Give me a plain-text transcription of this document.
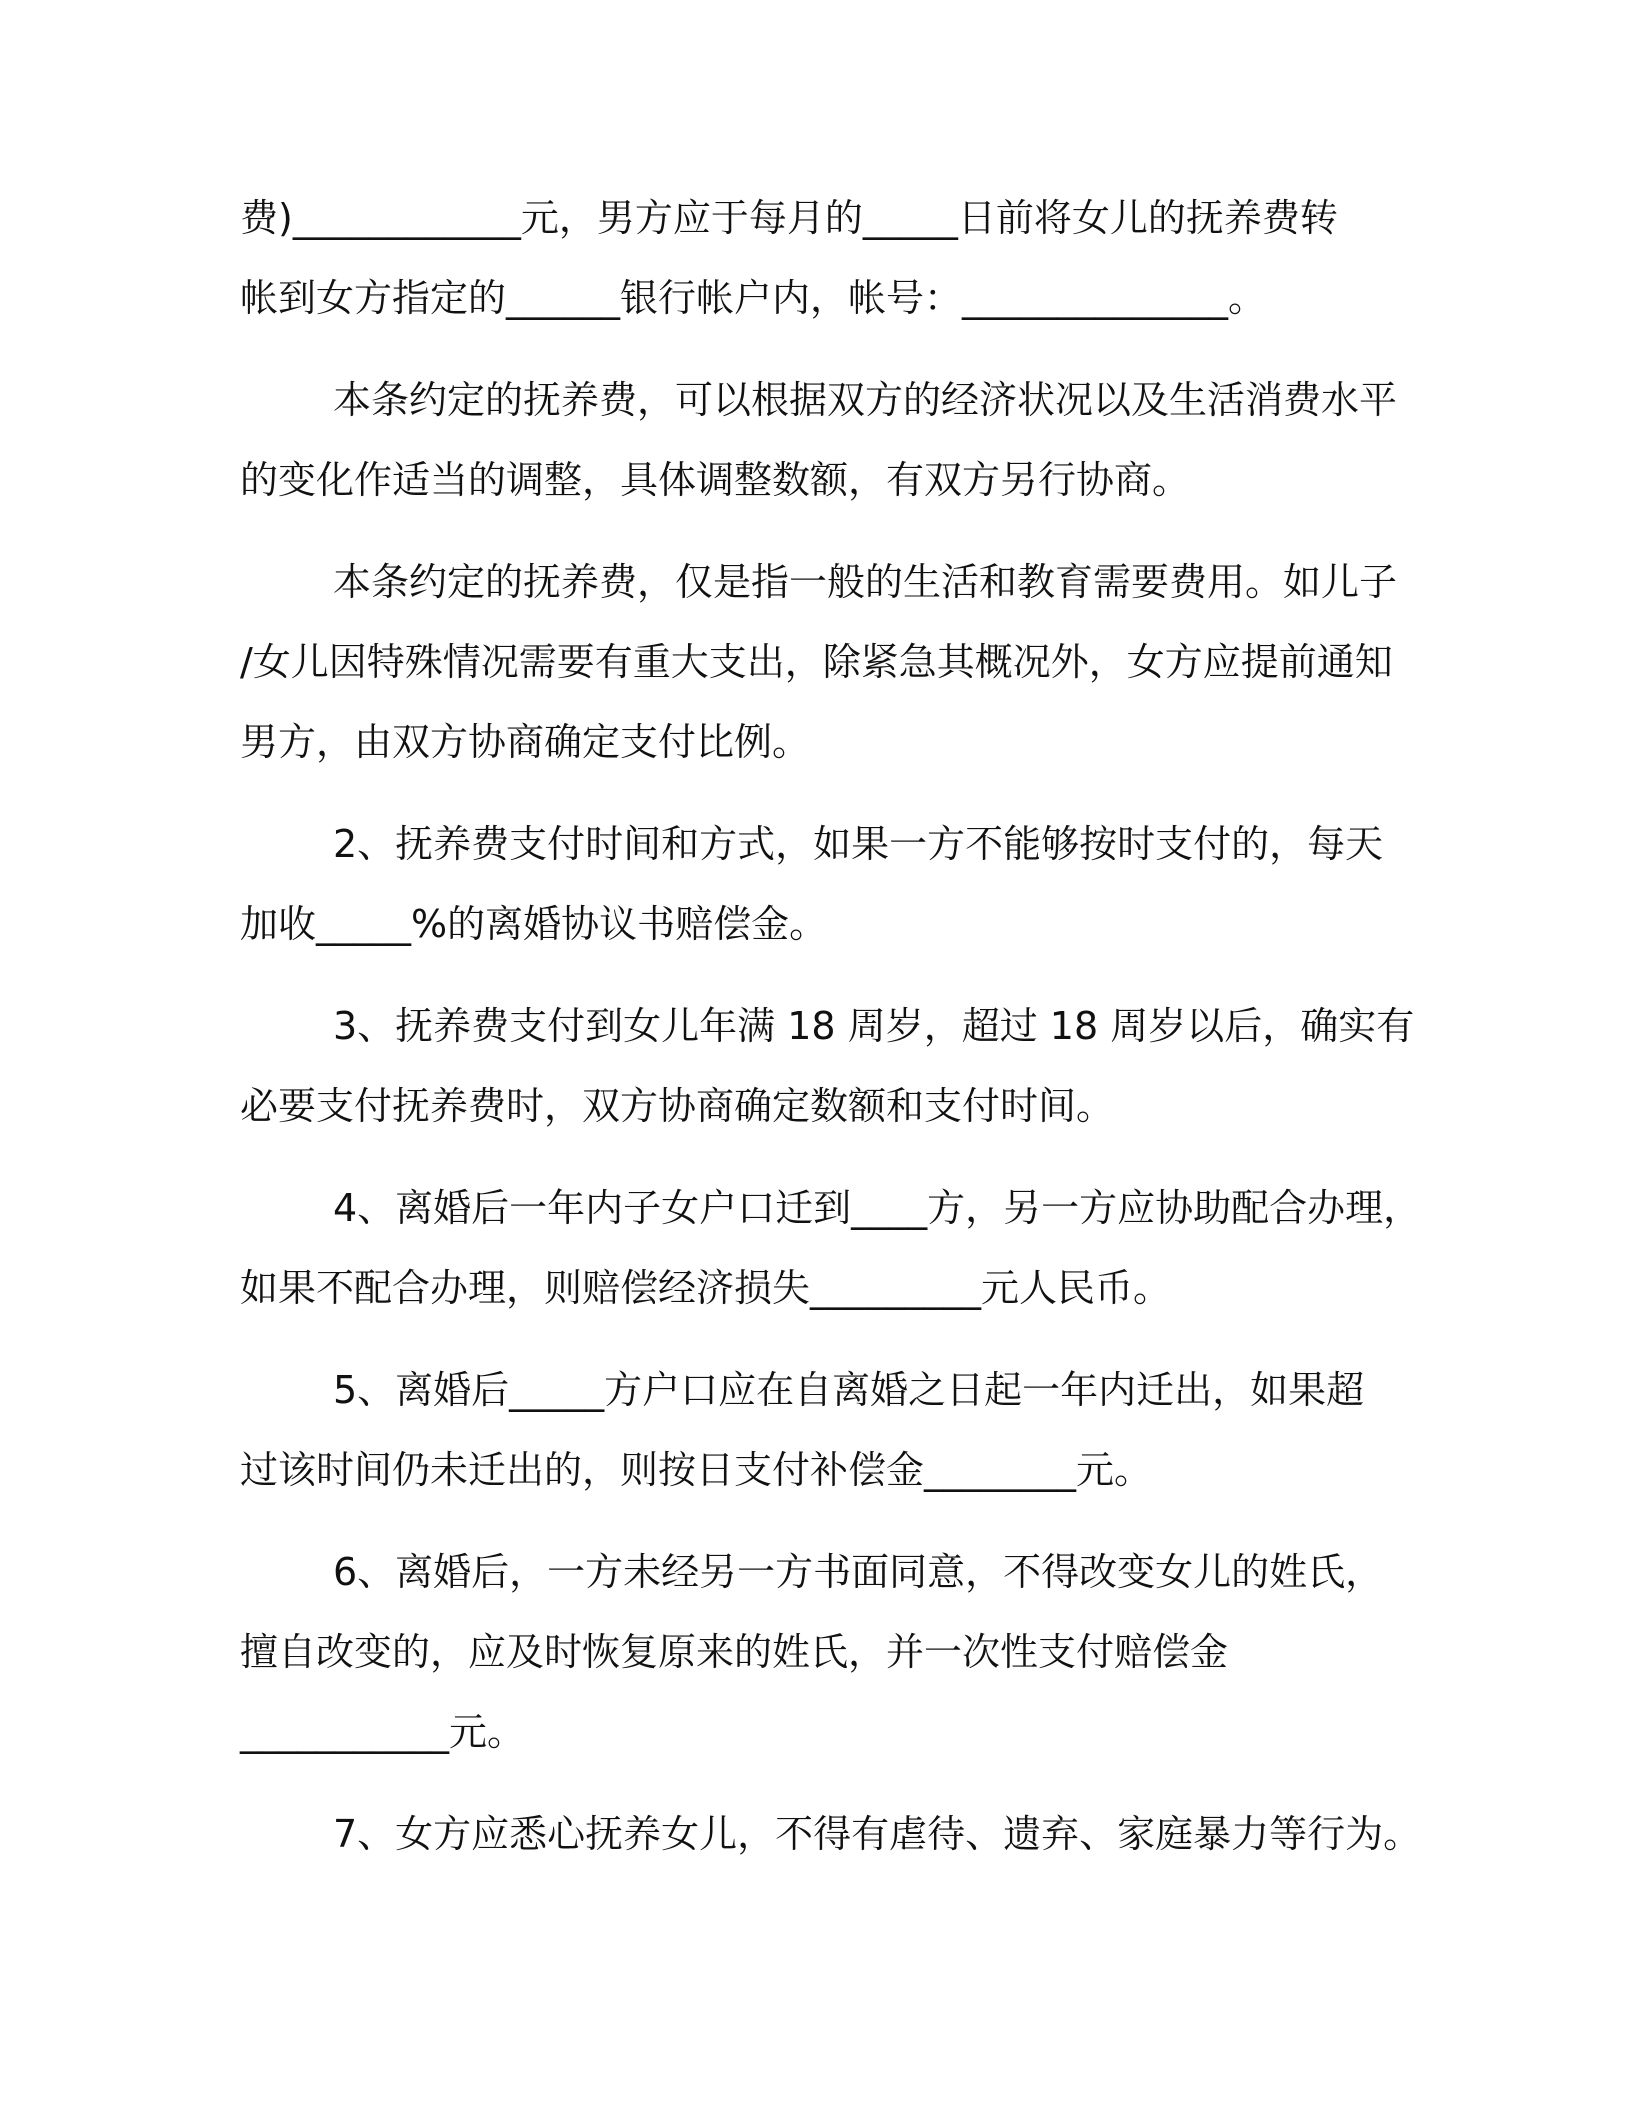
费)____________元，男方应于每月的_____日前将女儿的抚养费转
帐到女方指定的______银行帐户内，帐号：______________。
本条约定的抚养费，可以根据双方的经济状况以及生活消费水平
的变化作适当的调整，具体调整数额，有双方另行协商。
本条约定的抚养费，仅是指一般的生活和教育需要费用。如儿子
/女儿因特殊情况需要有重大支出，除紧急其概况外，女方应提前通知
男方，由双方协商确定支付比例。
2、抚养费支付时间和方式，如果一方不能够按时支付的，每天
加收_____%的离婚协议书赔偿金。
3、抚养费支付到女儿年满 18 周岁，超过 18 周岁以后，确实有
必要支付抚养费时，双方协商确定数额和支付时间。
4、离婚后一年内子女户口迁到____方，另一方应协助配合办理，
如果不配合办理，则赔偿经济损失_________元人民币。
5、离婚后_____方户口应在自离婚之日起一年内迁出，如果超
过该时间仍未迁出的，则按日支付补偿金________元。
6、离婚后，一方未经另一方书面同意，不得改变女儿的姓氏，
擅自改变的，应及时恢复原来的姓氏，并一次性支付赔偿金
___________元。
7、女方应悉心抚养女儿，不得有虐待、遗弃、家庭暴力等行为。
